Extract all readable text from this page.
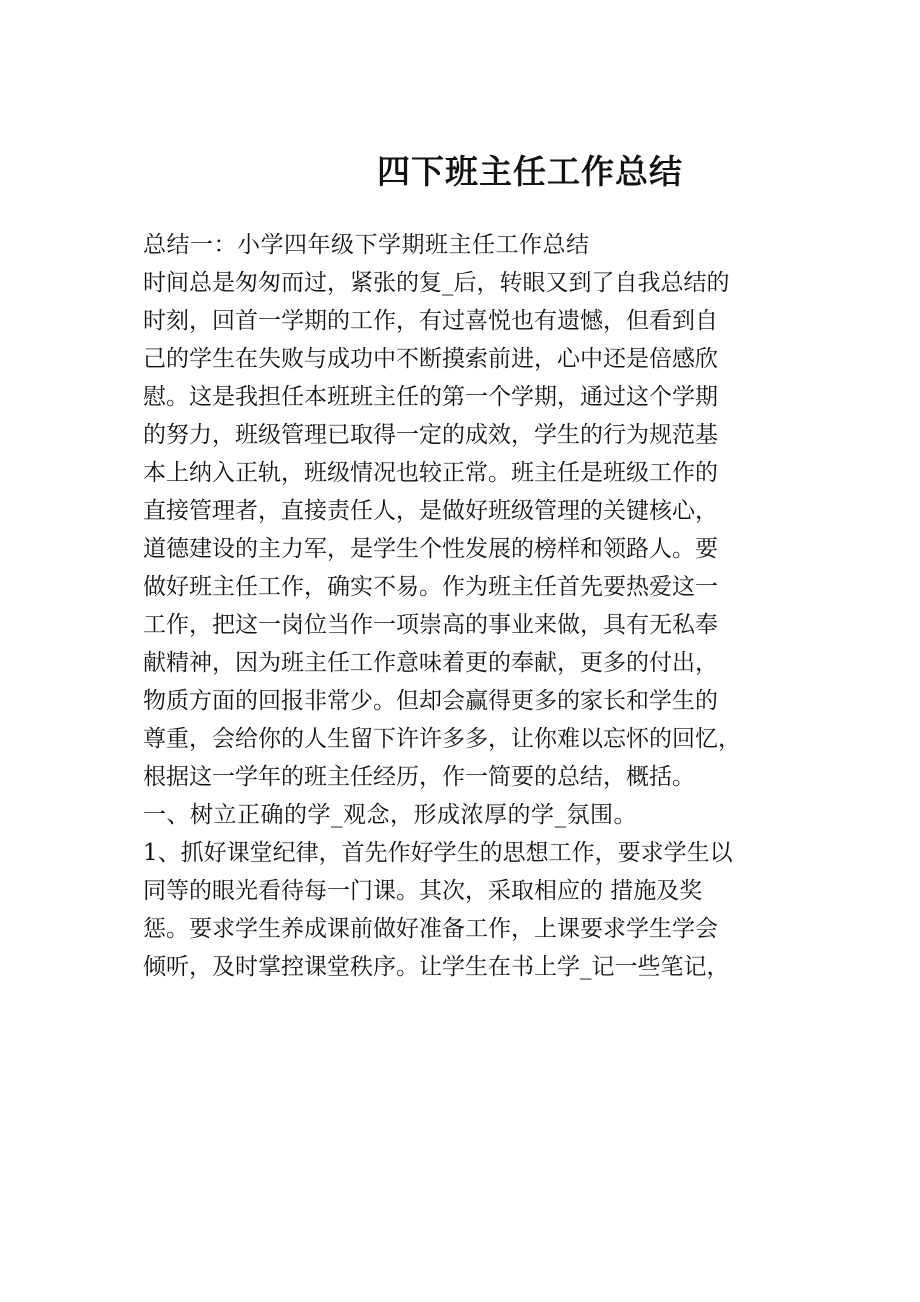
四下班主任工作总结
总结一：小学四年级下学期班主任工作总结
时间总是匆匆而过，紧张的复_后，转眼又到了自我总结的
时刻，回首一学期的工作，有过喜悦也有遗憾，但看到自
己的学生在失败与成功中不断摸索前进，心中还是倍感欣
慰。这是我担任本班班主任的第一个学期，通过这个学期
的努力，班级管理已取得一定的成效，学生的行为规范基
本上纳入正轨，班级情况也较正常。班主任是班级工作的
直接管理者，直接责任人，是做好班级管理的关键核心，
道德建设的主力军，是学生个性发展的榜样和领路人。要
做好班主任工作，确实不易。作为班主任首先要热爱这一
工作，把这一岗位当作一项崇高的事业来做，具有无私奉
献精神，因为班主任工作意味着更的奉献，更多的付出，
物质方面的回报非常少。但却会赢得更多的家长和学生的
尊重，会给你的人生留下许许多多，让你难以忘怀的回忆，
根据这一学年的班主任经历，作一简要的总结，概括。
一、树立正确的学_观念，形成浓厚的学_氛围。
1、抓好课堂纪律，首先作好学生的思想工作，要求学生以
同等的眼光看待每一门课。其次，采取相应的 措施及奖
惩。要求学生养成课前做好准备工作，上课要求学生学会
倾听，及时掌控课堂秩序。让学生在书上学_记一些笔记，
